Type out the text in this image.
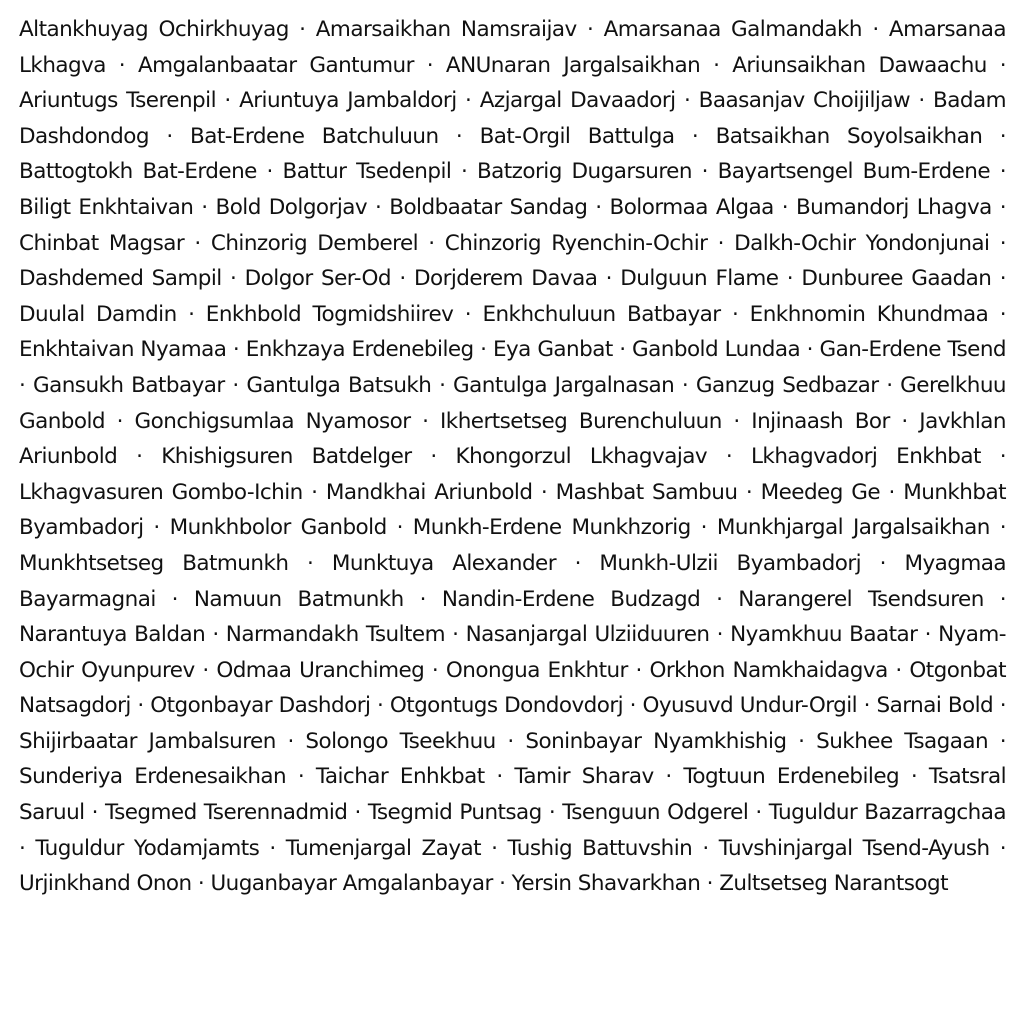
Altankhuyag Ochirkhuyag · Amarsaikhan Namsraijav · Amarsanaa Galmandakh · Amarsanaa Lkhagva · Amgalanbaatar Gantumur · ANUnaran Jargalsaikhan · Ariunsaikhan Dawaachu · Ariuntugs Tserenpil · Ariuntuya Jambaldorj · Azjargal Davaadorj · Baasanjav Choijiljaw · Badam Dashdondog · Bat-Erdene Batchuluun · Bat-Orgil Battulga · Batsaikhan Soyolsaikhan · Battogtokh Bat-Erdene · Battur Tsedenpil · Batzorig Dugarsuren · Bayartsengel Bum-Erdene · Biligt Enkhtaivan · Bold Dolgorjav · Boldbaatar Sandag · Bolormaa Algaa · Bumandorj Lhagva · Chinbat Magsar · Chinzorig Demberel · Chinzorig Ryenchin-Ochir · Dalkh-Ochir Yondonjunai · Dashdemed Sampil · Dolgor Ser-Od · Dorjderem Davaa · Dulguun Flame · Dunburee Gaadan · Duulal Damdin · Enkhbold Togmidshiirev · Enkhchuluun Batbayar · Enkhnomin Khundmaa · Enkhtaivan Nyamaa · Enkhzaya Erdenebileg · Eya Ganbat · Ganbold Lundaa · Gan-Erdene Tsend · Gansukh Batbayar · Gantulga Batsukh · Gantulga Jargalnasan · Ganzug Sedbazar · Gerelkhuu Ganbold · Gonchigsumlaa Nyamosor · Ikhertsetseg Burenchuluun · Injinaash Bor · Javkhlan Ariunbold · Khishigsuren Batdelger · Khongorzul Lkhagvajav · Lkhagvadorj Enkhbat · Lkhagvasuren Gombo-Ichin · Mandkhai Ariunbold · Mashbat Sambuu · Meedeg Ge · Munkhbat Byambadorj · Munkhbolor Ganbold · Munkh-Erdene Munkhzorig · Munkhjargal Jargalsaikhan · Munkhtsetseg Batmunkh · Munktuya Alexander · Munkh-Ulzii Byambadorj · Myagmaa Bayarmagnai · Namuun Batmunkh · Nandin-Erdene Budzagd · Narangerel Tsendsuren · Narantuya Baldan · Narmandakh Tsultem · Nasanjargal Ulziiduuren · Nyamkhuu Baatar · Nyam-Ochir Oyunpurev · Odmaa Uranchimeg · Onongua Enkhtur · Orkhon Namkhaidagva · Otgonbat Natsagdorj · Otgonbayar Dashdorj · Otgontugs Dondovdorj · Oyusuvd Undur-Orgil · Sarnai Bold · Shijirbaatar Jambalsuren · Solongo Tseekhuu · Soninbayar Nyamkhishig · Sukhee Tsagaan · Sunderiya Erdenesaikhan · Taichar Enhkbat · Tamir Sharav · Togtuun Erdenebileg · Tsatsral Saruul · Tsegmed Tserennadmid · Tsegmid Puntsag · Tsenguun Odgerel · Tuguldur Bazarragchaa · Tuguldur Yodamjamts · Tumenjargal Zayat · Tushig Battuvshin · Tuvshinjargal Tsend-Ayush · Urjinkhand Onon · Uuganbayar Amgalanbayar · Yersin Shavarkhan · Zultsetseg Narantsogt
